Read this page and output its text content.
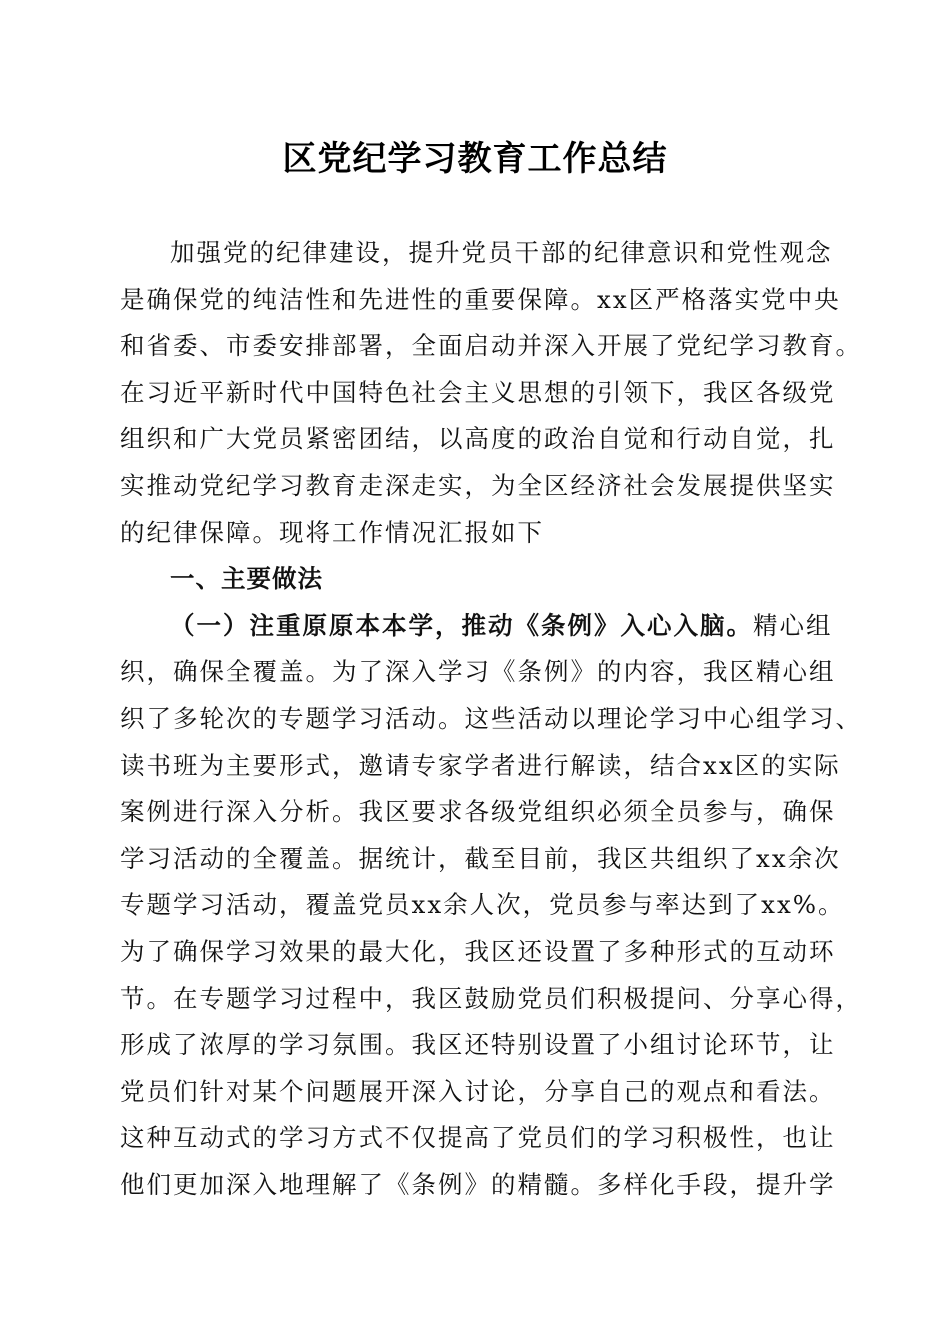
区党纪学习教育工作总结
加强党的纪律建设，提升党员干部的纪律意识和党性观念
是确保党的纯洁性和先进性的重要保障。xx区严格落实党中央
和省委、市委安排部署，全面启动并深入开展了党纪学习教育。
在习近平新时代中国特色社会主义思想的引领下，我区各级党
组织和广大党员紧密团结，以高度的政治自觉和行动自觉，扎
实推动党纪学习教育走深走实，为全区经济社会发展提供坚实
的纪律保障。现将工作情况汇报如下
一、主要做法
（一）注重原原本本学，推动《条例》入心入脑。精心组
织，确保全覆盖。为了深入学习《条例》的内容，我区精心组
织了多轮次的专题学习活动。这些活动以理论学习中心组学习、
读书班为主要形式，邀请专家学者进行解读，结合xx区的实际
案例进行深入分析。我区要求各级党组织必须全员参与，确保
学习活动的全覆盖。据统计，截至目前，我区共组织了xx余次
专题学习活动，覆盖党员xx余人次，党员参与率达到了xx%。
为了确保学习效果的最大化，我区还设置了多种形式的互动环
节。在专题学习过程中，我区鼓励党员们积极提问、分享心得，
形成了浓厚的学习氛围。我区还特别设置了小组讨论环节，让
党员们针对某个问题展开深入讨论，分享自己的观点和看法。
这种互动式的学习方式不仅提高了党员们的学习积极性，也让
他们更加深入地理解了《条例》的精髓。多样化手段，提升学
